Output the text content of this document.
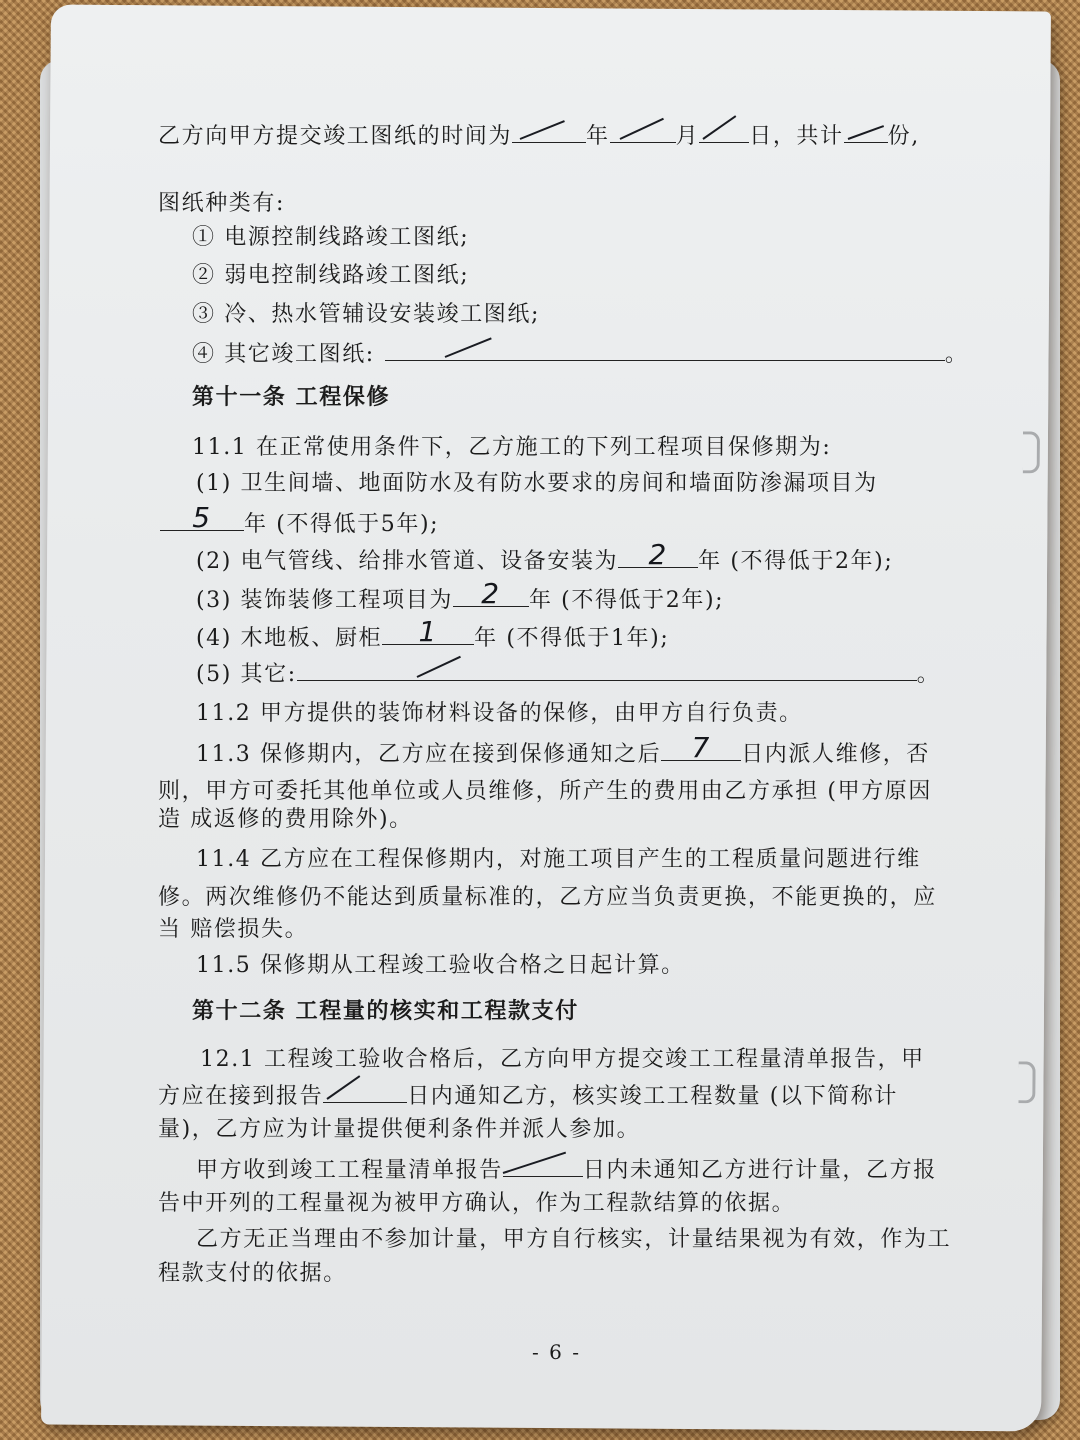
乙方向甲方提交竣工图纸的时间为	年	月 日，共计 份,
图纸种类有:
① 电源控制线路竣工图纸;
② 弱电控制线路竣工图纸;
③ 冷、热水管辅设安装竣工图纸;
④ 其它竣工图纸:	。
第十一条 工程保修
11.1 在正常使用条件下，乙方施工的下列工程项目保修期为:
(1) 卫生间墙、地面防水及有防水要求的房间和墙面防渗漏项目为
5	年 (不得低于5年);
(2) 电气管线、给排水管道、设备安装为	2	年 (不得低于2年);
(3) 装饰装修工程项目为	2	年 (不得低于2年);
(4) 木地板、厨柜	1	年 (不得低于1年);
(5) 其它:	。
11.2 甲方提供的装饰材料设备的保修，由甲方自行负责。
11.3 保修期内，乙方应在接到保修通知之后	7	日内派人维修，否
则，甲方可委托其他单位或人员维修，所产生的费用由乙方承担 (甲方原因
造 成返修的费用除外)。
11.4 乙方应在工程保修期内，对施工项目产生的工程质量问题进行维
修。两次维修仍不能达到质量标准的，乙方应当负责更换，不能更换的，应
当 赔偿损失。
11.5 保修期从工程竣工验收合格之日起计算。
第十二条 工程量的核实和工程款支付
12.1 工程竣工验收合格后，乙方向甲方提交竣工工程量清单报告，甲
方应在接到报告	日内通知乙方，核实竣工工程数量 (以下简称计
量)，乙方应为计量提供便利条件并派人参加。
甲方收到竣工工程量清单报告	日内未通知乙方进行计量，乙方报
告中开列的工程量视为被甲方确认，作为工程款结算的依据。
乙方无正当理由不参加计量，甲方自行核实，计量结果视为有效，作为工
程款支付的依据。
- 6 -
